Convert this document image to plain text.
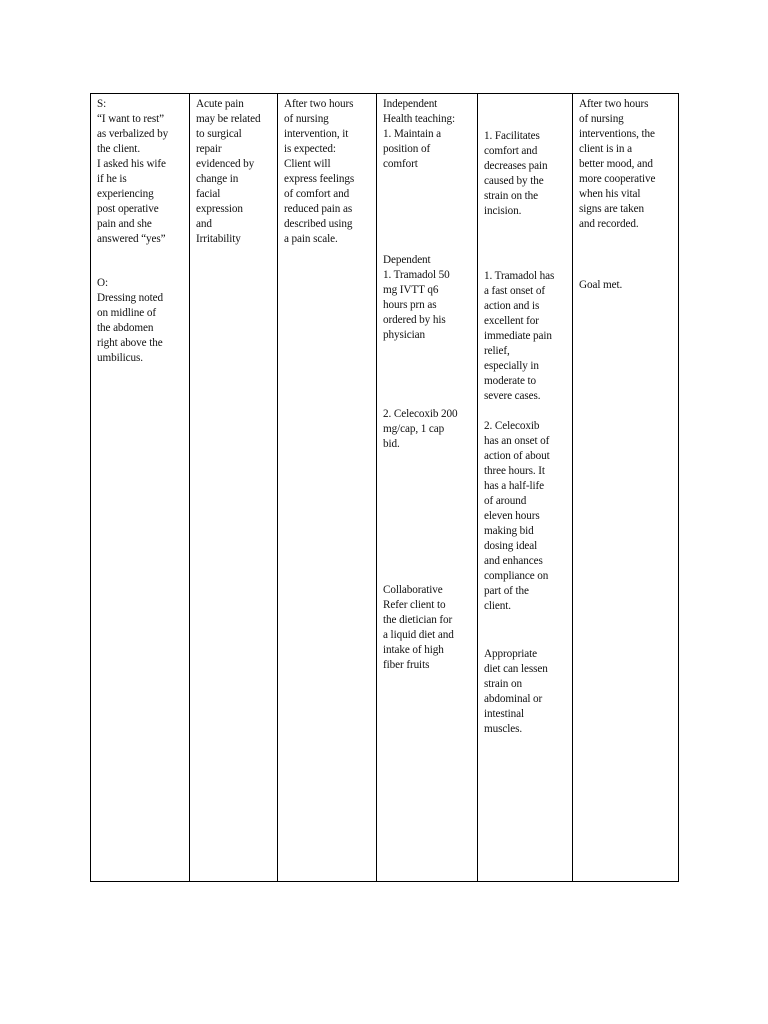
S:
“I want to rest”
as verbalized by
the client.
I asked his wife
if he is
experiencing
post operative
pain and she
answered “yes”
O:
Dressing noted
on midline of
the abdomen
right above the
umbilicus.

Acute pain
may be related
to surgical
repair
evidenced by
change in
facial
expression
and
Irritability

After two hours
of nursing
intervention, it
is expected:
Client will
express feelings
of comfort and
reduced pain as
described using
a pain scale.

Independent
Health teaching:
1. Maintain a
position of
comfort
Dependent
1. Tramadol 50
mg IVTT q6
hours prn as
ordered by his
physician
2. Celecoxib 200
mg/cap, 1 cap
bid.
Collaborative
Refer client to
the dietician for
a liquid diet and
intake of high
fiber fruits

1. Facilitates
comfort and
decreases pain
caused by the
strain on the
incision.
1. Tramadol has
a fast onset of
action and is
excellent for
immediate pain
relief,
especially in
moderate to
severe cases.
2. Celecoxib
has an onset of
action of about
three hours. It
has a half-life
of around
eleven hours
making bid
dosing ideal
and enhances
compliance on
part of the
client.
Appropriate
diet can lessen
strain on
abdominal or
intestinal
muscles.

After two hours
of nursing
interventions, the
client is in a
better mood, and
more cooperative
when his vital
signs are taken
and recorded.
Goal met.
